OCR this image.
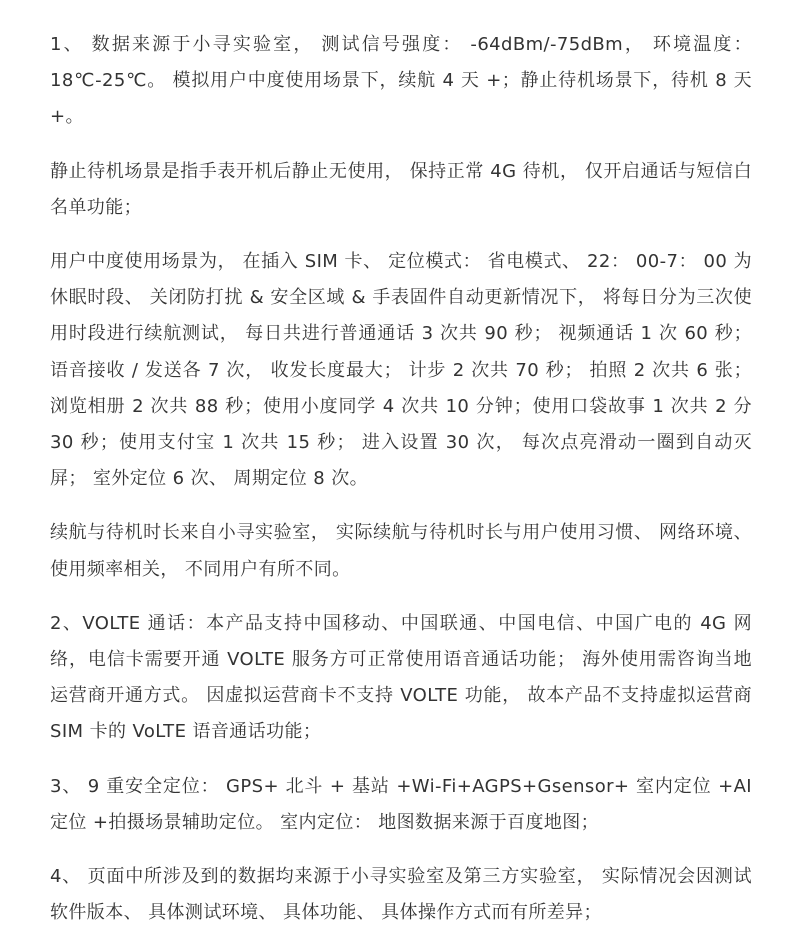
1、 数据来源于小寻实验室， 测试信号强度： -64dBm/-75dBm， 环境温度：18℃-25℃。 模拟用户中度使用场景下，续航 4 天 +；静止待机场景下，待机 8 天 +。

静止待机场景是指手表开机后静止无使用， 保持正常 4G 待机， 仅开启通话与短信白名单功能；

用户中度使用场景为， 在插入 SIM 卡、 定位模式： 省电模式、 22： 00-7： 00 为休眠时段、 关闭防打扰 & 安全区域 & 手表固件自动更新情况下， 将每日分为三次使用时段进行续航测试， 每日共进行普通通话 3 次共 90 秒； 视频通话 1 次 60 秒；语音接收 / 发送各 7 次， 收发长度最大； 计步 2 次共 70 秒； 拍照 2 次共 6 张；浏览相册 2 次共 88 秒；使用小度同学 4 次共 10 分钟；使用口袋故事 1 次共 2 分 30 秒；使用支付宝 1 次共 15 秒； 进入设置 30 次， 每次点亮滑动一圈到自动灭屏； 室外定位 6 次、 周期定位 8 次。

续航与待机时长来自小寻实验室， 实际续航与待机时长与用户使用习惯、 网络环境、使用频率相关， 不同用户有所不同。

2、VOLTE 通话：本产品支持中国移动、中国联通、中国电信、中国广电的 4G 网络，电信卡需要开通 VOLTE 服务方可正常使用语音通话功能； 海外使用需咨询当地运营商开通方式。 因虚拟运营商卡不支持 VOLTE 功能， 故本产品不支持虚拟运营商 SIM 卡的 VoLTE 语音通话功能；

3、 9 重安全定位： GPS+ 北斗 + 基站 +Wi-Fi+AGPS+Gsensor+ 室内定位 +AI 定位 +拍摄场景辅助定位。 室内定位： 地图数据来源于百度地图；

4、 页面中所涉及到的数据均来源于小寻实验室及第三方实验室， 实际情况会因测试软件版本、 具体测试环境、 具体功能、 具体操作方式而有所差异；
